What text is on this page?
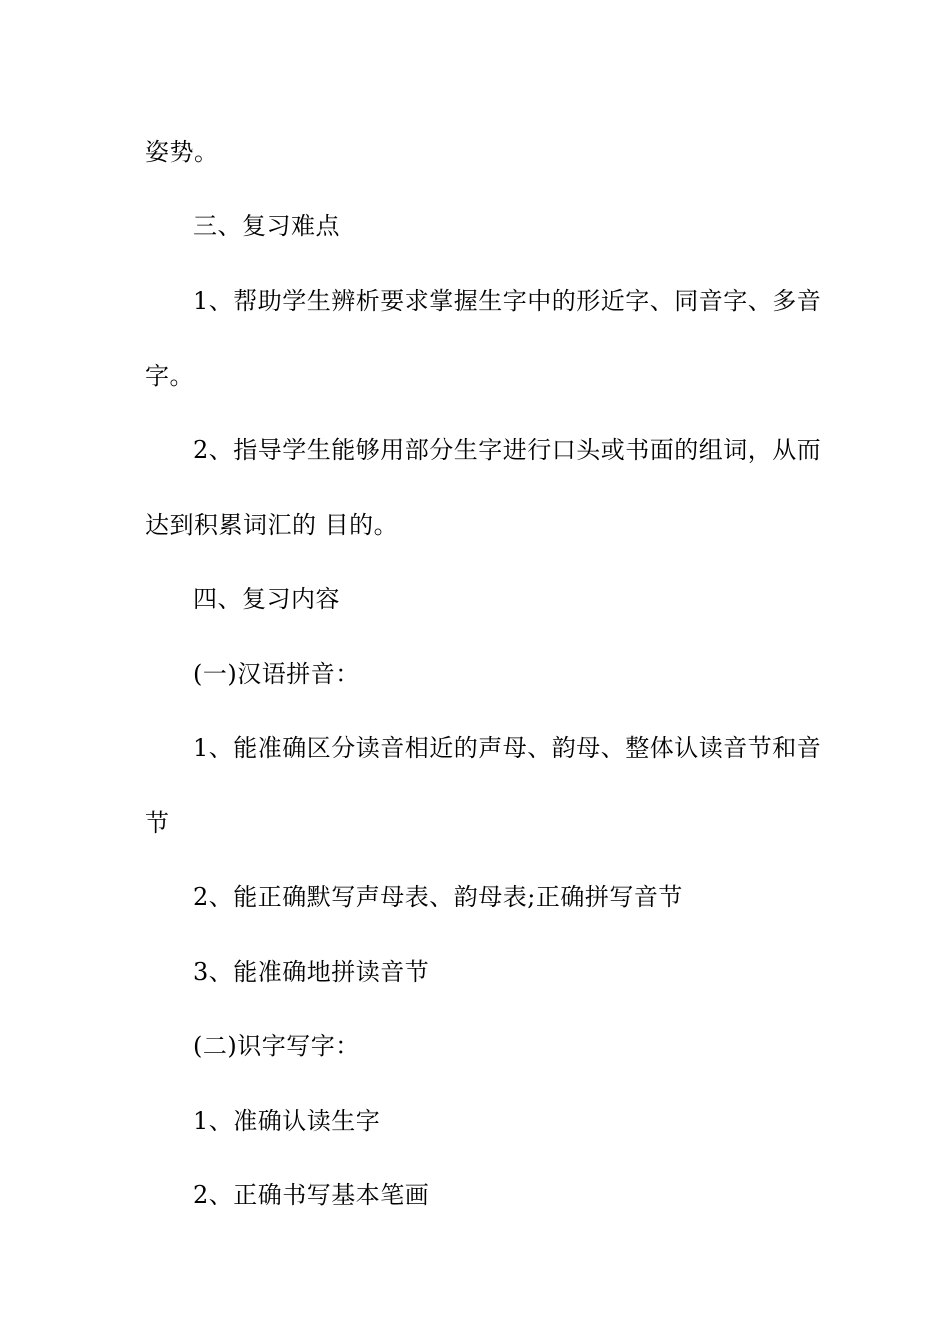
姿势。
三、复习难点
1、帮助学生辨析要求掌握生字中的形近字、同音字、多音
字。
2、指导学生能够用部分生字进行口头或书面的组词，从而
达到积累词汇的 目的。
四、复习内容
(一)汉语拼音：
1、能准确区分读音相近的声母、韵母、整体认读音节和音
节
2、能正确默写声母表、韵母表;正确拼写音节
3、能准确地拼读音节
(二)识字写字：
1、准确认读生字
2、正确书写基本笔画
